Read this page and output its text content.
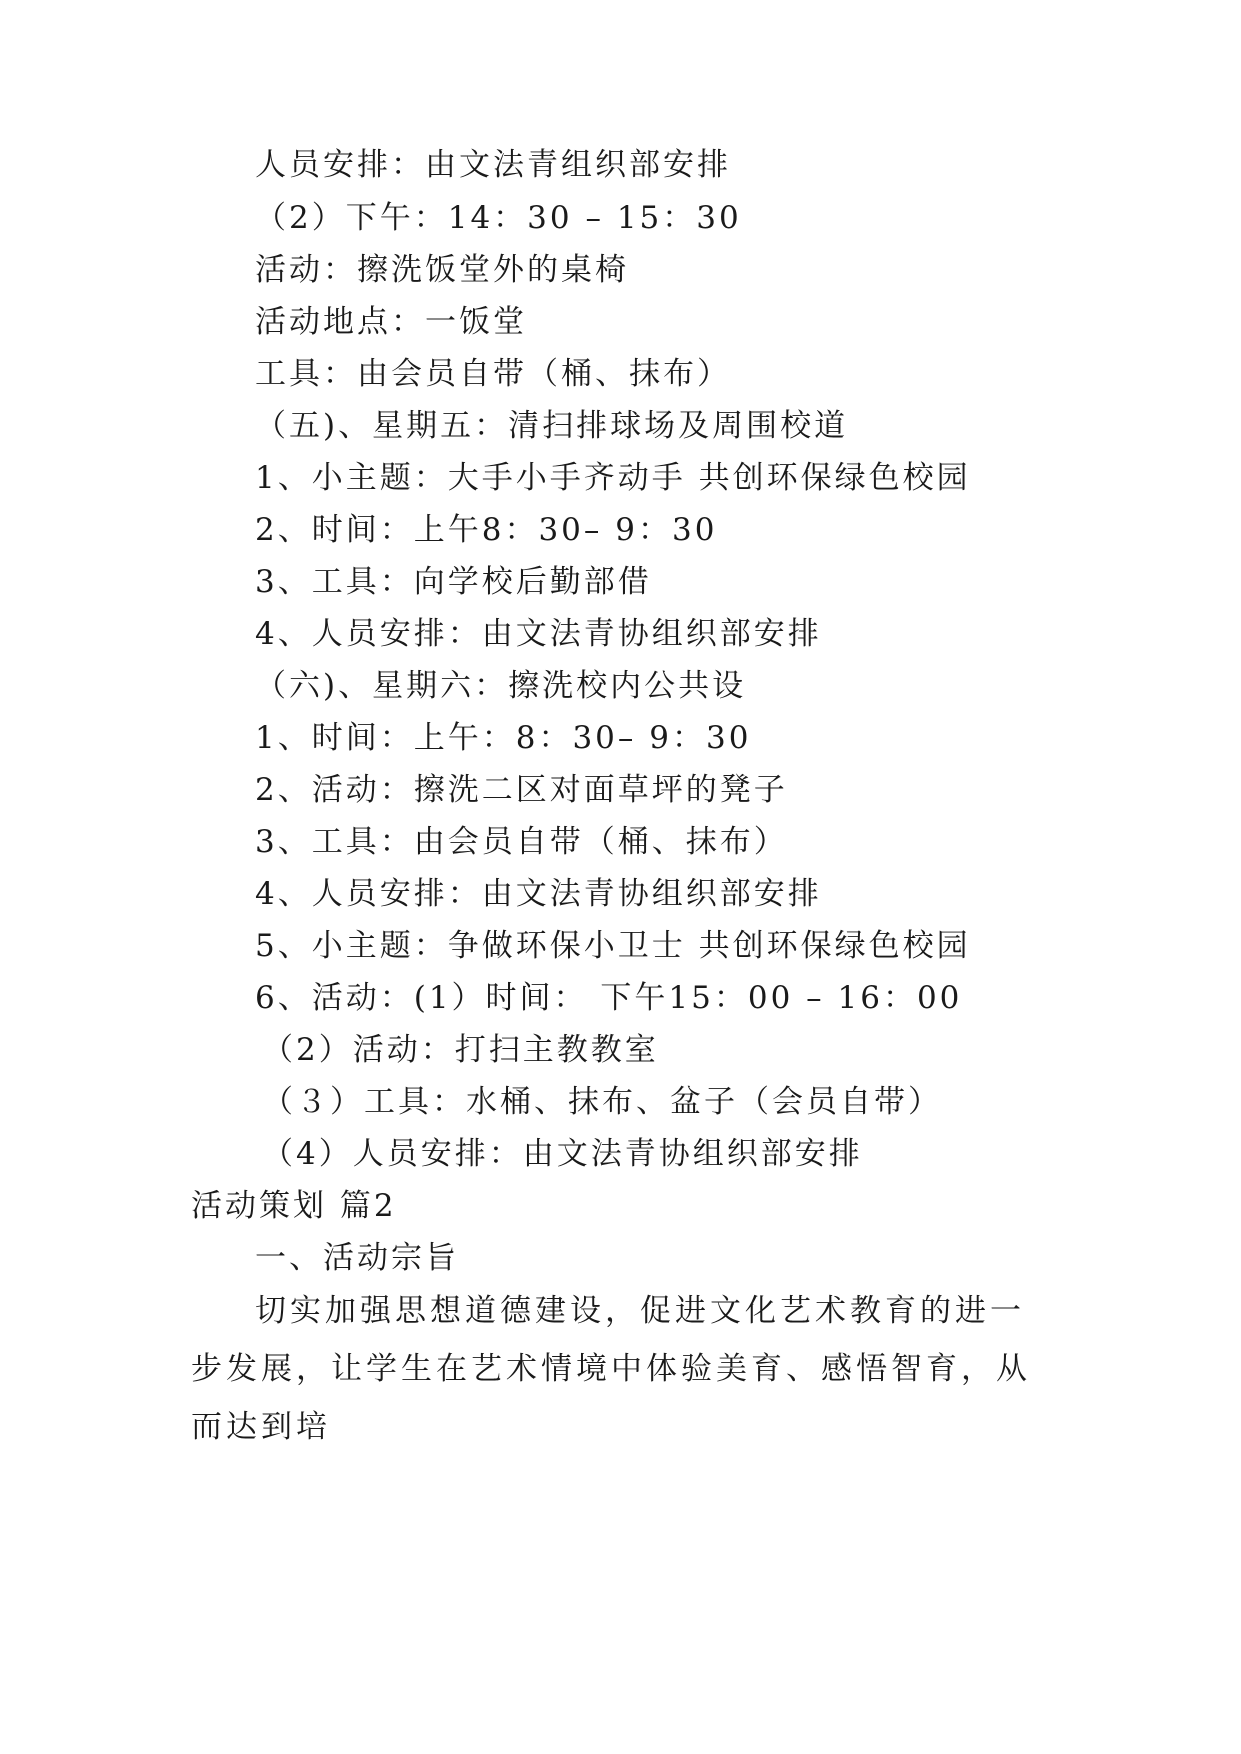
人员安排：由文法青组织部安排
（2）下午：14：30 – 15：30
活动：擦洗饭堂外的桌椅
活动地点：一饭堂
工具：由会员自带（桶、抹布）
（五)、星期五：清扫排球场及周围校道
1、小主题：大手小手齐动手 共创环保绿色校园
2、时间：上午8：30– 9：30
3、工具：向学校后勤部借
4、人员安排：由文法青协组织部安排
（六)、星期六：擦洗校内公共设
1、时间：上午：8：30– 9：30
2、活动：擦洗二区对面草坪的凳子
3、工具：由会员自带（桶、抹布）
4、人员安排：由文法青协组织部安排
5、小主题：争做环保小卫士 共创环保绿色校园
6、活动：(1）时间： 下午15：00 – 16：00
（2）活动：打扫主教教室
（３）工具：水桶、抹布、盆子（会员自带）
（4）人员安排：由文法青协组织部安排
活动策划 篇2
一、活动宗旨
切实加强思想道德建设，促进文化艺术教育的进一步发展，让学生在艺术情境中体验美育、感悟智育，从而达到培
